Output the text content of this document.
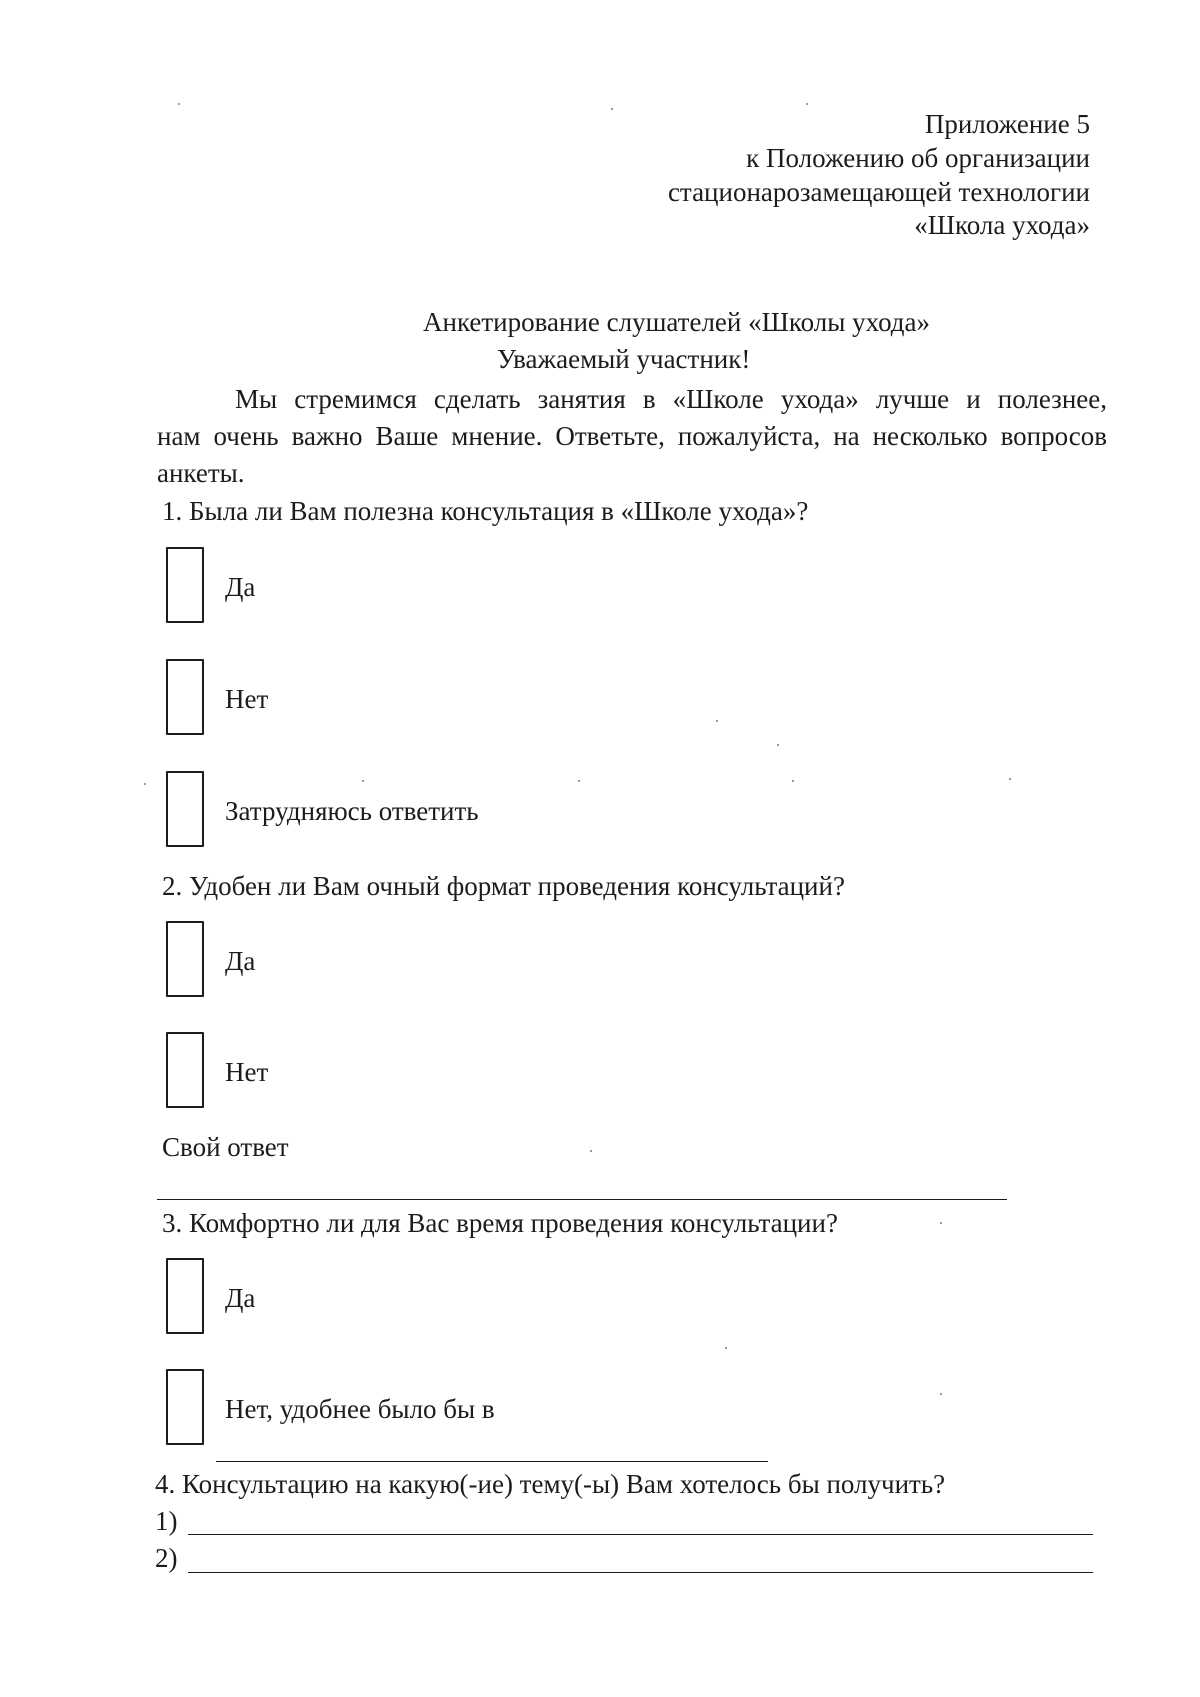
Приложение 5
к Положению об организации
стационарозамещающей технологии
«Школа ухода»
Анкетирование слушателей «Школы ухода»
Уважаемый участник!
Мы стремимся сделать занятия в «Школе ухода» лучше и полезнее,
нам очень важно Ваше мнение. Ответьте, пожалуйста, на несколько вопросов
анкеты.
1. Была ли Вам полезна консультация в «Школе ухода»?
Да
Нет
Затрудняюсь ответить
2. Удобен ли Вам очный формат проведения консультаций?
Да
Нет
Свой ответ
3. Комфортно ли для Вас время проведения консультации?
Да
Нет, удобнее было бы в
4. Консультацию на какую(-ие) тему(-ы) Вам хотелось бы получить?
1)
2)
